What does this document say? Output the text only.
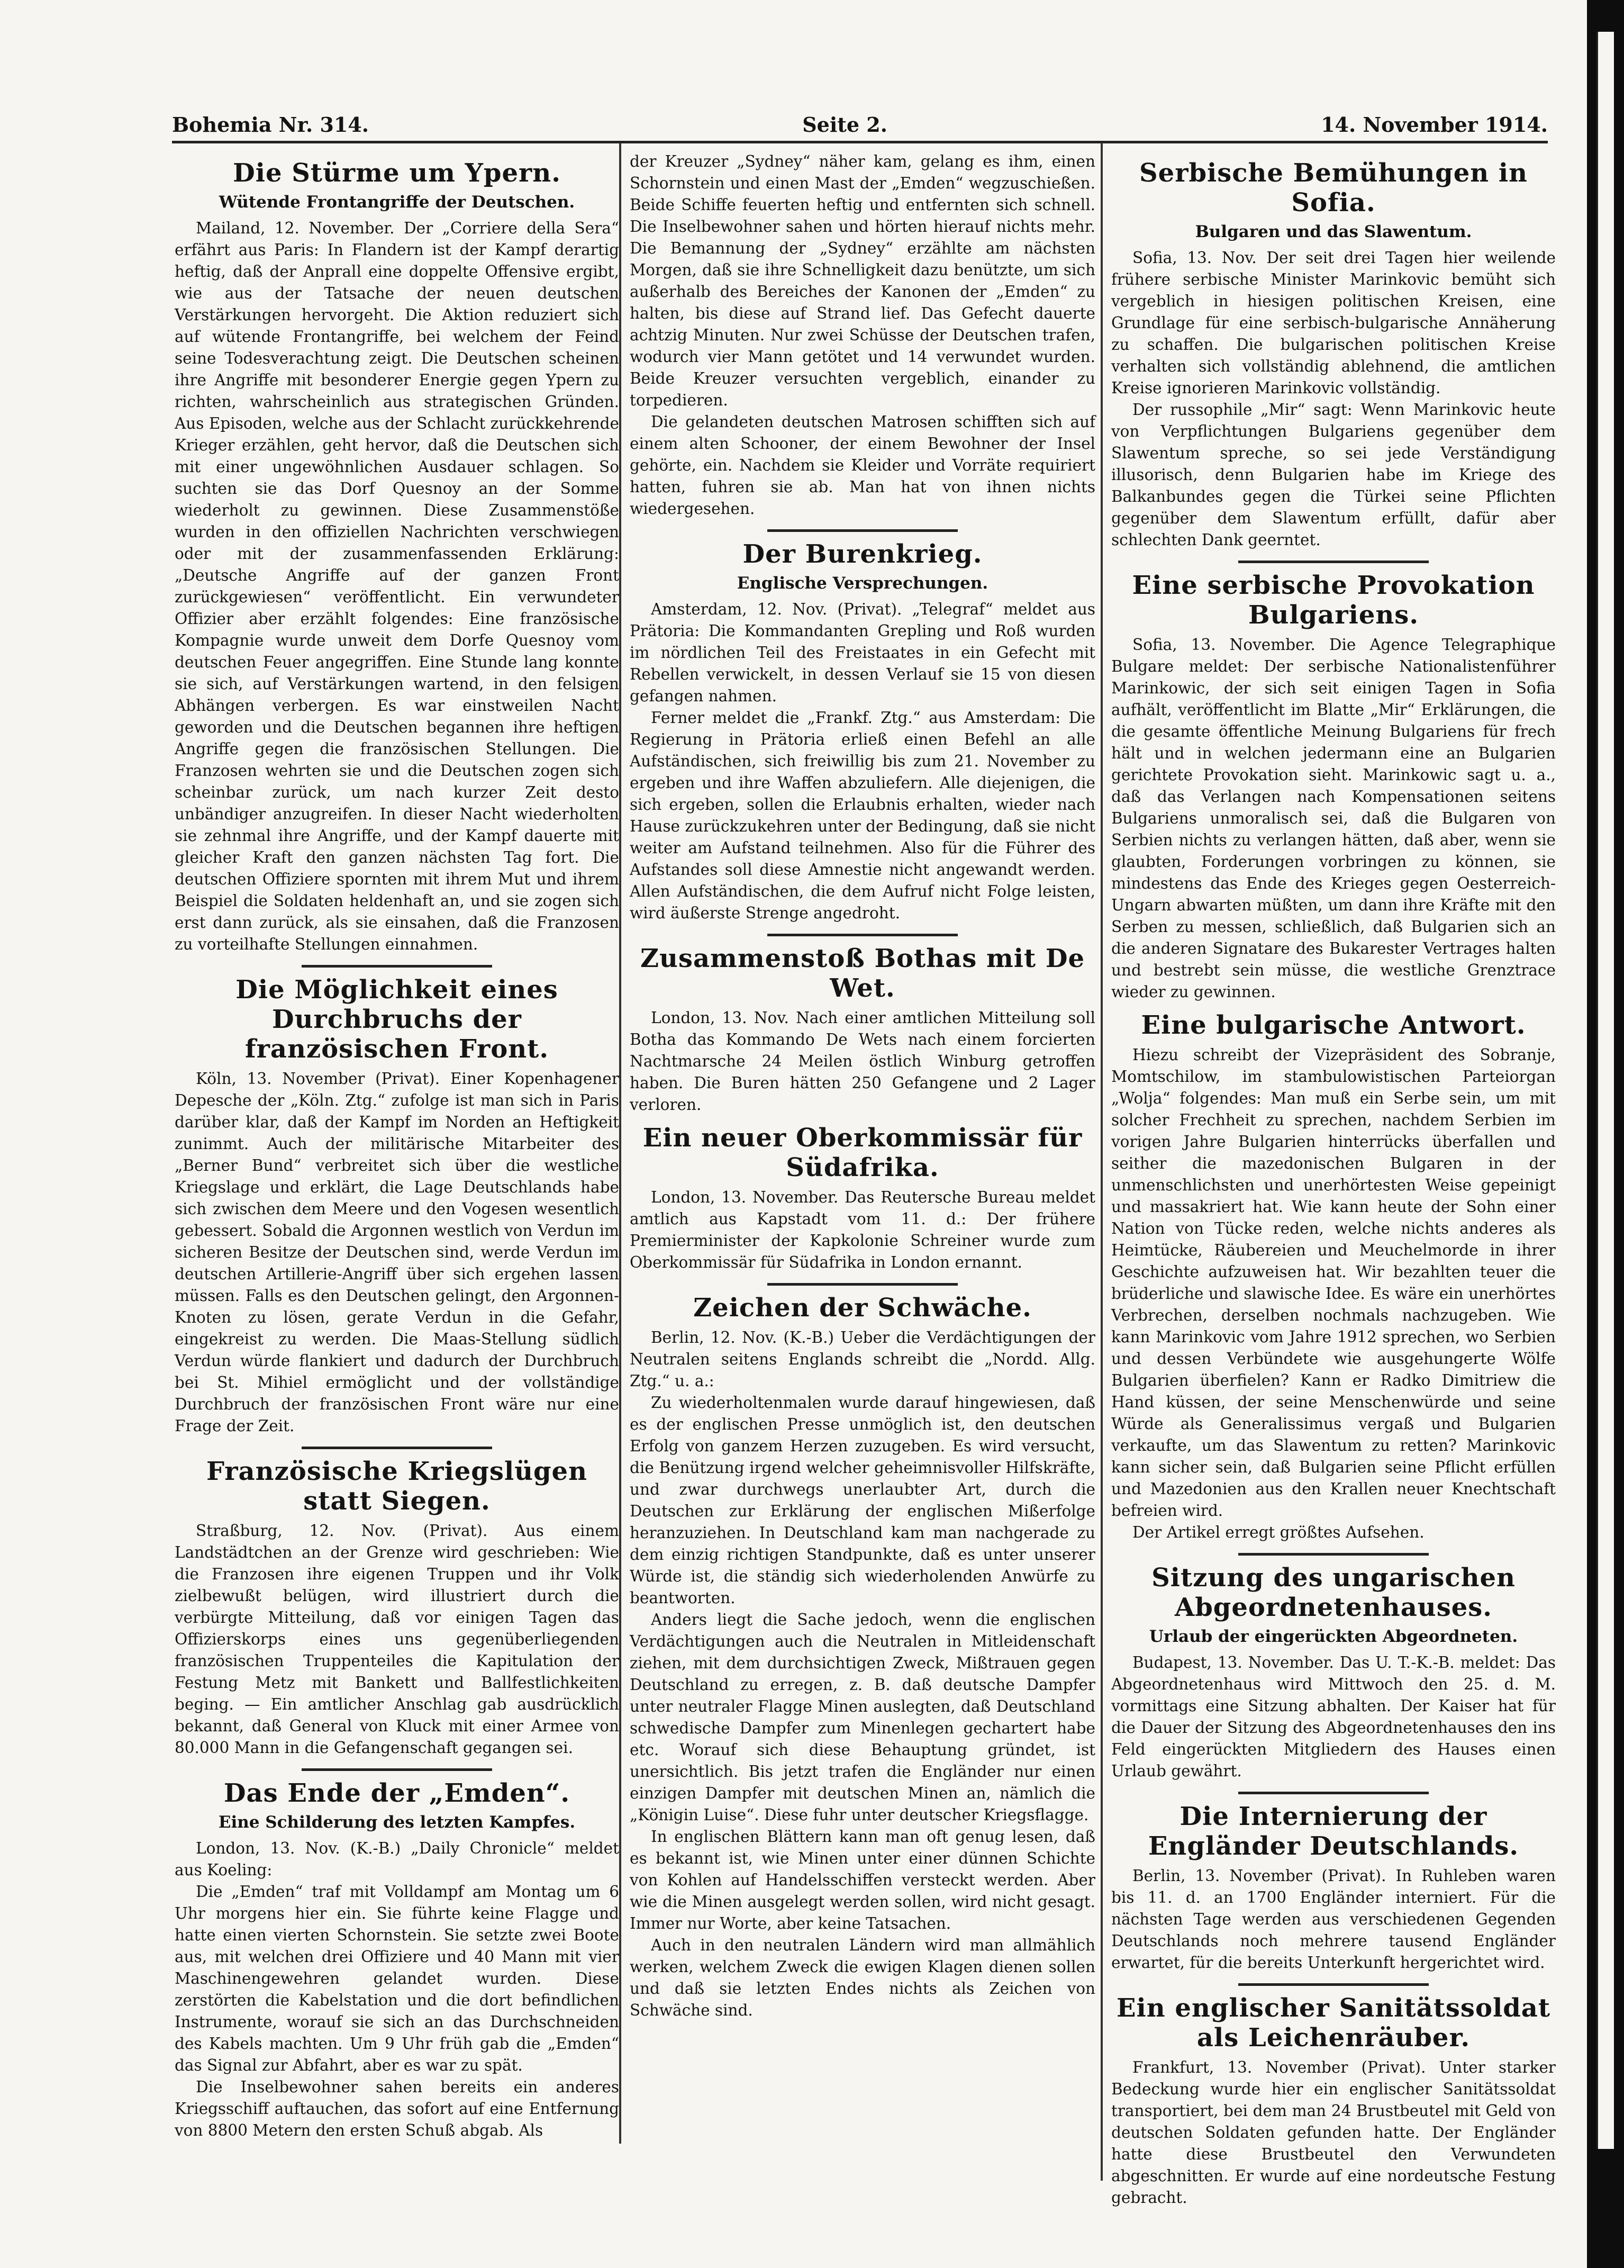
Bohemia Nr. 314.	Seite 2.	14. November 1914.
Die Stürme um Ypern.
Wütende Frontangriffe der Deutschen.

Mailand, 12. November. Der „Corriere della Sera“ erfährt aus Paris: In Flandern ist der Kampf derartig heftig, daß der Anprall eine doppelte Offensive ergibt, wie aus der Tatsache der neuen deutschen Verstärkungen hervorgeht. Die Aktion reduziert sich auf wütende Frontangriffe, bei welchem der Feind seine Todesverachtung zeigt. Die Deutschen scheinen ihre Angriffe mit besonderer Energie gegen Ypern zu richten, wahrscheinlich aus strategischen Gründen. Aus Episoden, welche aus der Schlacht zurückkehrende Krieger erzählen, geht hervor, daß die Deutschen sich mit einer ungewöhnlichen Ausdauer schlagen. So suchten sie das Dorf Quesnoy an der Somme wiederholt zu gewinnen. Diese Zusammenstöße wurden in den offiziellen Nachrichten verschwiegen oder mit der zusammenfassenden Erklärung: „Deutsche Angriffe auf der ganzen Front zurückgewiesen“ veröffentlicht. Ein verwundeter Offizier aber erzählt folgendes: Eine französische Kompagnie wurde unweit dem Dorfe Quesnoy vom deutschen Feuer angegriffen. Eine Stunde lang konnte sie sich, auf Verstärkungen wartend, in den felsigen Abhängen verbergen. Es war einstweilen Nacht geworden und die Deutschen begannen ihre heftigen Angriffe gegen die französischen Stellungen. Die Franzosen wehrten sie und die Deutschen zogen sich scheinbar zurück, um nach kurzer Zeit desto unbändiger anzugreifen. In dieser Nacht wiederholten sie zehnmal ihre Angriffe, und der Kampf dauerte mit gleicher Kraft den ganzen nächsten Tag fort. Die deutschen Offiziere spornten mit ihrem Mut und ihrem Beispiel die Soldaten heldenhaft an, und sie zogen sich erst dann zurück, als sie einsahen, daß die Franzosen zu vorteilhafte Stellungen einnahmen.

Die Möglichkeit eines Durchbruchs der französischen Front.

Köln, 13. November (Privat). Einer Kopenhagener Depesche der „Köln. Ztg.“ zufolge ist man sich in Paris darüber klar, daß der Kampf im Norden an Heftigkeit zunimmt. Auch der militärische Mitarbeiter des „Berner Bund“ verbreitet sich über die westliche Kriegslage und erklärt, die Lage Deutschlands habe sich zwischen dem Meere und den Vogesen wesentlich gebessert. Sobald die Argonnen westlich von Verdun im sicheren Besitze der Deutschen sind, werde Verdun im deutschen Artillerie-Angriff über sich ergehen lassen müssen. Falls es den Deutschen gelingt, den Argonnen-Knoten zu lösen, gerate Verdun in die Gefahr, eingekreist zu werden. Die Maas-Stellung südlich Verdun würde flankiert und dadurch der Durchbruch bei St. Mihiel ermöglicht und der vollständige Durchbruch der französischen Front wäre nur eine Frage der Zeit.

Französische Kriegslügen statt Siegen.

Straßburg, 12. Nov. (Privat). Aus einem Landstädtchen an der Grenze wird geschrieben: Wie die Franzosen ihre eigenen Truppen und ihr Volk zielbewußt belügen, wird illustriert durch die verbürgte Mitteilung, daß vor einigen Tagen das Offizierskorps eines uns gegenüberliegenden französischen Truppenteiles die Kapitulation der Festung Metz mit Bankett und Ballfestlichkeiten beging. — Ein amtlicher Anschlag gab ausdrücklich bekannt, daß General von Kluck mit einer Armee von 80.000 Mann in die Gefangenschaft gegangen sei.

Das Ende der „Emden“.
Eine Schilderung des letzten Kampfes.

London, 13. Nov. (K.-B.) „Daily Chronicle“ meldet aus Koeling:

Die „Emden“ traf mit Volldampf am Montag um 6 Uhr morgens hier ein. Sie führte keine Flagge und hatte einen vierten Schornstein. Sie setzte zwei Boote aus, mit welchen drei Offiziere und 40 Mann mit vier Maschinengewehren gelandet wurden. Diese zerstörten die Kabelstation und die dort befindlichen Instrumente, worauf sie sich an das Durchschneiden des Kabels machten. Um 9 Uhr früh gab die „Emden“ das Signal zur Abfahrt, aber es war zu spät.

Die Inselbewohner sahen bereits ein anderes Kriegsschiff auftauchen, das sofort auf eine Entfernung von 8800 Metern den ersten Schuß abgab. Als

der Kreuzer „Sydney“ näher kam, gelang es ihm, einen Schornstein und einen Mast der „Emden“ wegzuschießen. Beide Schiffe feuerten heftig und entfernten sich schnell. Die Inselbewohner sahen und hörten hierauf nichts mehr. Die Bemannung der „Sydney“ erzählte am nächsten Morgen, daß sie ihre Schnelligkeit dazu benützte, um sich außerhalb des Bereiches der Kanonen der „Emden“ zu halten, bis diese auf Strand lief. Das Gefecht dauerte achtzig Minuten. Nur zwei Schüsse der Deutschen trafen, wodurch vier Mann getötet und 14 verwundet wurden. Beide Kreuzer versuchten vergeblich, einander zu torpedieren.

Die gelandeten deutschen Matrosen schifften sich auf einem alten Schooner, der einem Bewohner der Insel gehörte, ein. Nachdem sie Kleider und Vorräte requiriert hatten, fuhren sie ab. Man hat von ihnen nichts wiedergesehen.

Der Burenkrieg.
Englische Versprechungen.

Amsterdam, 12. Nov. (Privat). „Telegraf“ meldet aus Prätoria: Die Kommandanten Grepling und Roß wurden im nördlichen Teil des Freistaates in ein Gefecht mit Rebellen verwickelt, in dessen Verlauf sie 15 von diesen gefangen nahmen.

Ferner meldet die „Frankf. Ztg.“ aus Amsterdam: Die Regierung in Prätoria erließ einen Befehl an alle Aufständischen, sich freiwillig bis zum 21. November zu ergeben und ihre Waffen abzuliefern. Alle diejenigen, die sich ergeben, sollen die Erlaubnis erhalten, wieder nach Hause zurückzukehren unter der Bedingung, daß sie nicht weiter am Aufstand teilnehmen. Also für die Führer des Aufstandes soll diese Amnestie nicht angewandt werden. Allen Aufständischen, die dem Aufruf nicht Folge leisten, wird äußerste Strenge angedroht.

Zusammenstoß Bothas mit De Wet.

London, 13. Nov. Nach einer amtlichen Mitteilung soll Botha das Kommando De Wets nach einem forcierten Nachtmarsche 24 Meilen östlich Winburg getroffen haben. Die Buren hätten 250 Gefangene und 2 Lager verloren.

Ein neuer Oberkommissär für Südafrika.

London, 13. November. Das Reutersche Bureau meldet amtlich aus Kapstadt vom 11. d.: Der frühere Premierminister der Kapkolonie Schreiner wurde zum Oberkommissär für Südafrika in London ernannt.

Zeichen der Schwäche.

Berlin, 12. Nov. (K.-B.) Ueber die Verdächtigungen der Neutralen seitens Englands schreibt die „Nordd. Allg. Ztg.“ u. a.:

Zu wiederholtenmalen wurde darauf hingewiesen, daß es der englischen Presse unmöglich ist, den deutschen Erfolg von ganzem Herzen zuzugeben. Es wird versucht, die Benützung irgend welcher geheimnisvoller Hilfskräfte, und zwar durchwegs unerlaubter Art, durch die Deutschen zur Erklärung der englischen Mißerfolge heranzuziehen. In Deutschland kam man nachgerade zu dem einzig richtigen Standpunkte, daß es unter unserer Würde ist, die ständig sich wiederholenden Anwürfe zu beantworten.

Anders liegt die Sache jedoch, wenn die englischen Verdächtigungen auch die Neutralen in Mitleidenschaft ziehen, mit dem durchsichtigen Zweck, Mißtrauen gegen Deutschland zu erregen, z. B. daß deutsche Dampfer unter neutraler Flagge Minen auslegten, daß Deutschland schwedische Dampfer zum Minenlegen gechartert habe etc. Worauf sich diese Behauptung gründet, ist unersichtlich. Bis jetzt trafen die Engländer nur einen einzigen Dampfer mit deutschen Minen an, nämlich die „Königin Luise“. Diese fuhr unter deutscher Kriegsflagge.

In englischen Blättern kann man oft genug lesen, daß es bekannt ist, wie Minen unter einer dünnen Schichte von Kohlen auf Handelsschiffen versteckt werden. Aber wie die Minen ausgelegt werden sollen, wird nicht gesagt. Immer nur Worte, aber keine Tatsachen.

Auch in den neutralen Ländern wird man allmählich werken, welchem Zweck die ewigen Klagen dienen sollen und daß sie letzten Endes nichts als Zeichen von Schwäche sind.

Serbische Bemühungen in Sofia.
Bulgaren und das Slawentum.

Sofia, 13. Nov. Der seit drei Tagen hier weilende frühere serbische Minister Marinkovic bemüht sich vergeblich in hiesigen politischen Kreisen, eine Grundlage für eine serbisch-bulgarische Annäherung zu schaffen. Die bulgarischen politischen Kreise verhalten sich vollständig ablehnend, die amtlichen Kreise ignorieren Marinkovic vollständig.

Der russophile „Mir“ sagt: Wenn Marinkovic heute von Verpflichtungen Bulgariens gegenüber dem Slawentum spreche, so sei jede Verständigung illusorisch, denn Bulgarien habe im Kriege des Balkanbundes gegen die Türkei seine Pflichten gegenüber dem Slawentum erfüllt, dafür aber schlechten Dank geerntet.

Eine serbische Provokation Bulgariens.

Sofia, 13. November. Die Agence Telegraphique Bulgare meldet: Der serbische Nationalistenführer Marinkowic, der sich seit einigen Tagen in Sofia aufhält, veröffentlicht im Blatte „Mir“ Erklärungen, die die gesamte öffentliche Meinung Bulgariens für frech hält und in welchen jedermann eine an Bulgarien gerichtete Provokation sieht. Marinkowic sagt u. a., daß das Verlangen nach Kompensationen seitens Bulgariens unmoralisch sei, daß die Bulgaren von Serbien nichts zu verlangen hätten, daß aber, wenn sie glaubten, Forderungen vorbringen zu können, sie mindestens das Ende des Krieges gegen Oesterreich-Ungarn abwarten müßten, um dann ihre Kräfte mit den Serben zu messen, schließlich, daß Bulgarien sich an die anderen Signatare des Bukarester Vertrages halten und bestrebt sein müsse, die westliche Grenztrace wieder zu gewinnen.

Eine bulgarische Antwort.

Hiezu schreibt der Vizepräsident des Sobranje, Momtschilow, im stambulowistischen Parteiorgan „Wolja“ folgendes: Man muß ein Serbe sein, um mit solcher Frechheit zu sprechen, nachdem Serbien im vorigen Jahre Bulgarien hinterrücks überfallen und seither die mazedonischen Bulgaren in der unmenschlichsten und unerhörtesten Weise gepeinigt und massakriert hat. Wie kann heute der Sohn einer Nation von Tücke reden, welche nichts anderes als Heimtücke, Räubereien und Meuchelmorde in ihrer Geschichte aufzuweisen hat. Wir bezahlten teuer die brüderliche und slawische Idee. Es wäre ein unerhörtes Verbrechen, derselben nochmals nachzugeben. Wie kann Marinkovic vom Jahre 1912 sprechen, wo Serbien und dessen Verbündete wie ausgehungerte Wölfe Bulgarien überfielen? Kann er Radko Dimitriew die Hand küssen, der seine Menschenwürde und seine Würde als Generalissimus vergaß und Bulgarien verkaufte, um das Slawentum zu retten? Marinkovic kann sicher sein, daß Bulgarien seine Pflicht erfüllen und Mazedonien aus den Krallen neuer Knechtschaft befreien wird.

Der Artikel erregt größtes Aufsehen.

Sitzung des ungarischen Abgeordnetenhauses.
Urlaub der eingerückten Abgeordneten.

Budapest, 13. November. Das U. T.-K.-B. meldet: Das Abgeordnetenhaus wird Mittwoch den 25. d. M. vormittags eine Sitzung abhalten. Der Kaiser hat für die Dauer der Sitzung des Abgeordnetenhauses den ins Feld eingerückten Mitgliedern des Hauses einen Urlaub gewährt.

Die Internierung der Engländer Deutschlands.

Berlin, 13. November (Privat). In Ruhleben waren bis 11. d. an 1700 Engländer interniert. Für die nächsten Tage werden aus verschiedenen Gegenden Deutschlands noch mehrere tausend Engländer erwartet, für die bereits Unterkunft hergerichtet wird.

Ein englischer Sanitätssoldat als Leichenräuber.

Frankfurt, 13. November (Privat). Unter starker Bedeckung wurde hier ein englischer Sanitätssoldat transportiert, bei dem man 24 Brustbeutel mit Geld von deutschen Soldaten gefunden hatte. Der Engländer hatte diese Brustbeutel den Verwundeten abgeschnitten. Er wurde auf eine nordeutsche Festung gebracht.
